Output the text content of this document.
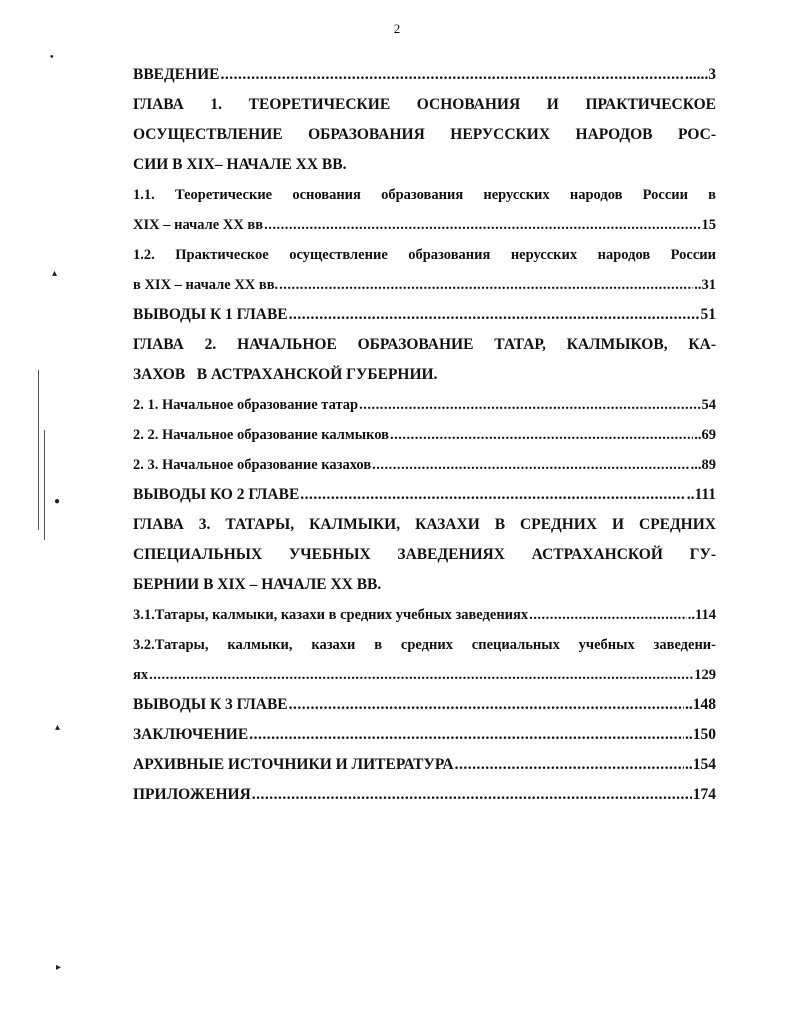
2
•
▴
●
▴
▸
ВВЕДЕНИЕ .....	......3
ГЛАВА 1. ТЕОРЕТИЧЕСКИЕ ОСНОВАНИЯ И ПРАКТИЧЕСКОЕ
ОСУЩЕСТВЛЕНИЕ ОБРАЗОВАНИЯ НЕРУССКИХ НАРОДОВ РОС-
СИИ В XIX– НАЧАЛЕ XX ВВ.
1.1. Теоретические основания образования нерусских народов России в
XIX – начале XX вв .....	15
1.2. Практическое осуществление образования нерусских народов России
в XIX – начале XX вв. .....	..31
ВЫВОДЫ К 1 ГЛАВЕ .....	51
ГЛАВА 2. НАЧАЛЬНОЕ ОБРАЗОВАНИЕ ТАТАР, КАЛМЫКОВ, КА-
ЗАХОВ   В АСТРАХАНСКОЙ ГУБЕРНИИ.
2. 1. Начальное образование татар .....	54
2. 2. Начальное образование калмыков .....	..69
2. 3. Начальное образование казахов .....	...89
ВЫВОДЫ КО 2 ГЛАВЕ .....	..111
ГЛАВА 3. ТАТАРЫ, КАЛМЫКИ, КАЗАХИ В СРЕДНИХ И СРЕДНИХ
СПЕЦИАЛЬНЫХ УЧЕБНЫХ ЗАВЕДЕНИЯХ АСТРАХАНСКОЙ ГУ-
БЕРНИИ В XIX – НАЧАЛЕ XX ВВ.
3.1.Татары, калмыки, казахи в средних учебных заведениях .....	..114
3.2.Татары, калмыки, казахи в средних специальных учебных заведени-
ях .....	129
ВЫВОДЫ К 3 ГЛАВЕ .....	..148
ЗАКЛЮЧЕНИЕ .....	..150
АРХИВНЫЕ ИСТОЧНИКИ И ЛИТЕРАТУРА .....	..154
ПРИЛОЖЕНИЯ .....	174
